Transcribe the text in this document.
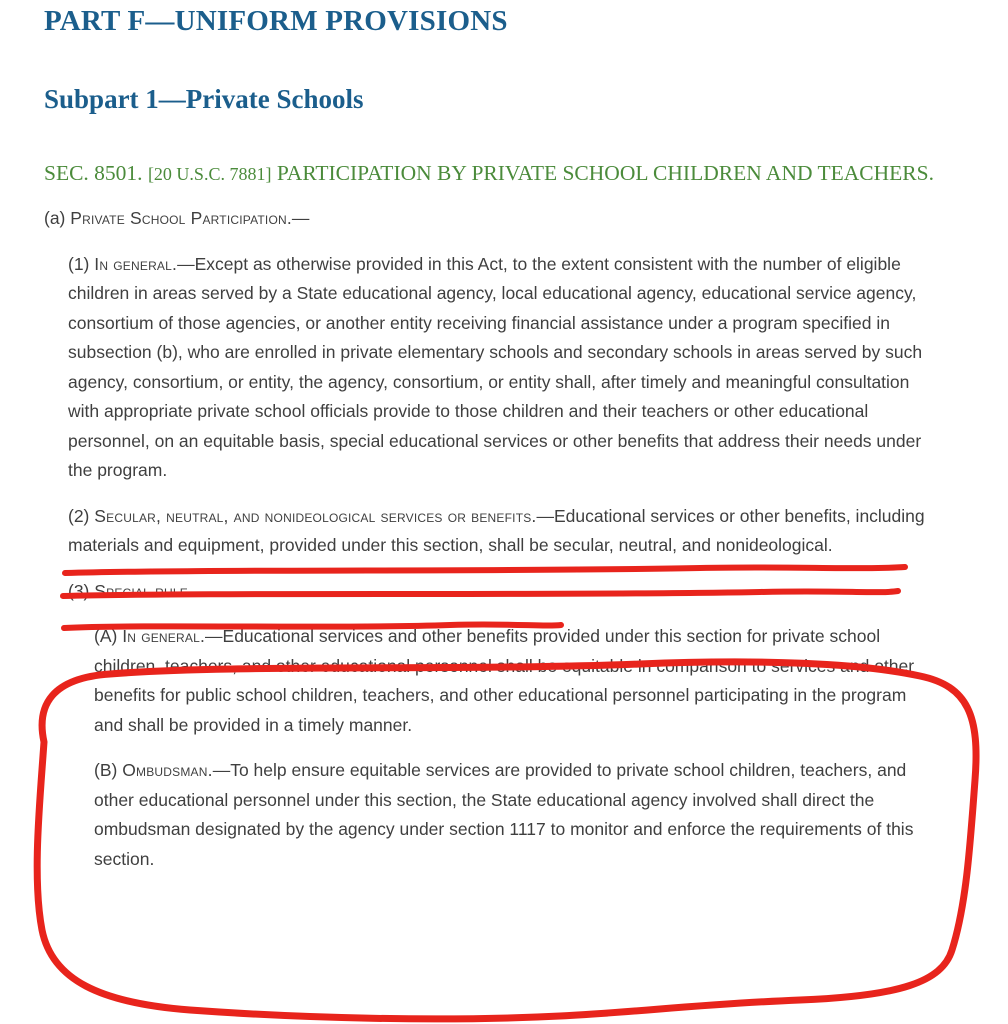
PART F—UNIFORM PROVISIONS
Subpart 1—Private Schools
SEC. 8501. [20 U.S.C. 7881] PARTICIPATION BY PRIVATE SCHOOL CHILDREN AND TEACHERS.

(a) Private School Participation.—

(1) In general.—Except as otherwise provided in this Act, to the extent consistent with the number of eligible children in areas served by a State educational agency, local educational agency, educational service agency, consortium of those agencies, or another entity receiving financial assistance under a program specified in subsection (b), who are enrolled in private elementary schools and secondary schools in areas served by such agency, consortium, or entity, the agency, consortium, or entity shall, after timely and meaningful consultation with appropriate private school officials provide to those children and their teachers or other educational personnel, on an equitable basis, special educational services or other benefits that address their needs under the program.

(2) Secular, neutral, and nonideological services or benefits.—Educational services or other benefits, including materials and equipment, provided under this section, shall be secular, neutral, and nonideological.

(3) Special rule.—

(A) In general.—Educational services and other benefits provided under this section for private school children, teachers, and other educational personnel shall be equitable in comparison to services and other benefits for public school children, teachers, and other educational personnel participating in the program and shall be provided in a timely manner.

(B) Ombudsman.—To help ensure equitable services are provided to private school children, teachers, and other educational personnel under this section, the State educational agency involved shall direct the ombudsman designated by the agency under section 1117 to monitor and enforce the requirements of this section.
